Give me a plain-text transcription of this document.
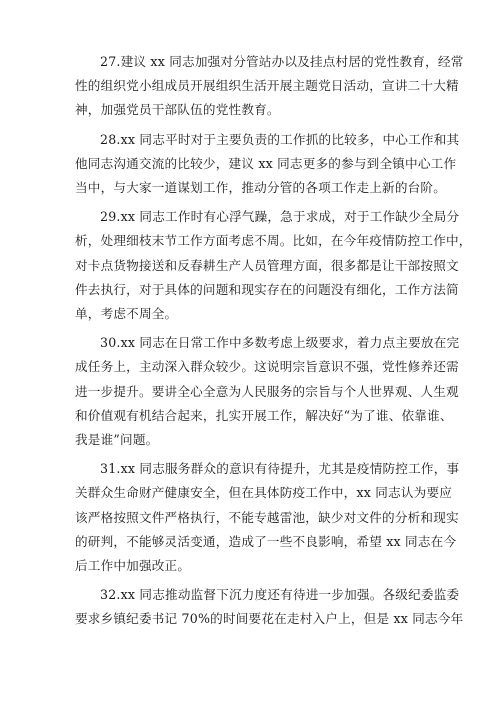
27.建议 xx 同志加强对分管站办以及挂点村居的党性教育，经常
性的组织党小组成员开展组织生活开展主题党日活动，宣讲二十大精
神，加强党员干部队伍的党性教育。

28.xx 同志平时对于主要负责的工作抓的比较多，中心工作和其
他同志沟通交流的比较少，建议 xx 同志更多的参与到全镇中心工作
当中，与大家一道谋划工作，推动分管的各项工作走上新的台阶。

29.xx 同志工作时有心浮气躁，急于求成，对于工作缺少全局分
析，处理细枝末节工作方面考虑不周。比如，在今年疫情防控工作中，
对卡点货物接送和反春耕生产人员管理方面，很多都是让干部按照文
件去执行，对于具体的问题和现实存在的问题没有细化，工作方法简
单，考虑不周全。

30.xx 同志在日常工作中多数考虑上级要求，着力点主要放在完
成任务上，主动深入群众较少。这说明宗旨意识不强，党性修养还需
进一步提升。要讲全心全意为人民服务的宗旨与个人世界观、人生观
和价值观有机结合起来，扎实开展工作，解决好“为了谁、依靠谁、
我是谁”问题。

31.xx 同志服务群众的意识有待提升，尤其是疫情防控工作，事
关群众生命财产健康安全，但在具体防疫工作中，xx 同志认为要应
该严格按照文件严格执行，不能专越雷池，缺少对文件的分析和现实
的研判，不能够灵活变通，造成了一些不良影响，希望 xx 同志在今
后工作中加强改正。

32.xx 同志推动监督下沉力度还有待进一步加强。各级纪委监委
要求乡镇纪委书记 70%的时间要花在走村入户上，但是 xx 同志今年
